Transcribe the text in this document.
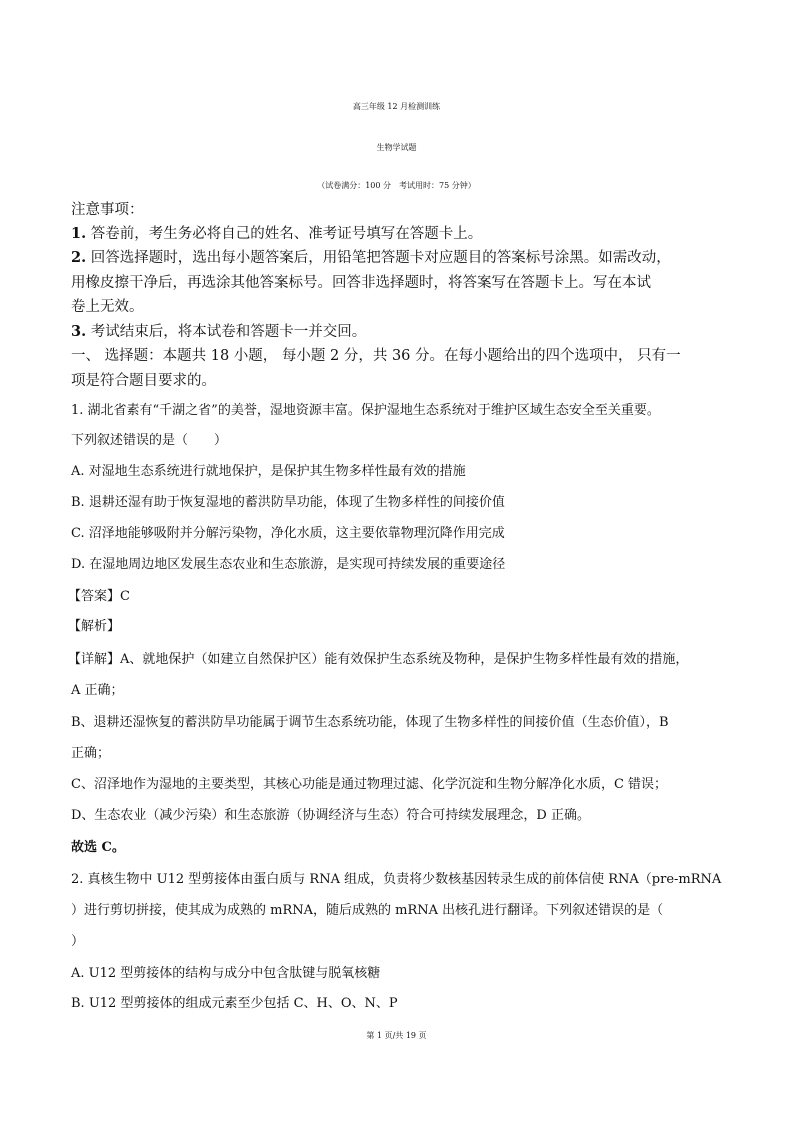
高三年级 12 月检测训练
生物学试题
（试卷满分：100 分　考试用时：75 分钟）
注意事项：
1. 答卷前，考生务必将自己的姓名、准考证号填写在答题卡上。
2. 回答选择题时，选出每小题答案后，用铅笔把答题卡对应题目的答案标号涂黑。如需改动，
用橡皮擦干净后，再选涂其他答案标号。回答非选择题时，将答案写在答题卡上。写在本试
卷上无效。
3. 考试结束后，将本试卷和答题卡一并交回。
一、 选择题：本题共 18 小题， 每小题 2 分，共 36 分。在每小题给出的四个选项中， 只有一
项是符合题目要求的。
1. 湖北省素有“千湖之省”的美誉，湿地资源丰富。保护湿地生态系统对于维护区域生态安全至关重要。
下列叙述错误的是（　　）
A. 对湿地生态系统进行就地保护，是保护其生物多样性最有效的措施
B. 退耕还湿有助于恢复湿地的蓄洪防旱功能，体现了生物多样性的间接价值
C. 沼泽地能够吸附并分解污染物，净化水质，这主要依靠物理沉降作用完成
D. 在湿地周边地区发展生态农业和生态旅游，是实现可持续发展的重要途径
【答案】C
【解析】
【详解】A、就地保护（如建立自然保护区）能有效保护生态系统及物种，是保护生物多样性最有效的措施，
A 正确；
B、退耕还湿恢复的蓄洪防旱功能属于调节生态系统功能，体现了生物多样性的间接价值（生态价值），B
正确；
C、沼泽地作为湿地的主要类型，其核心功能是通过物理过滤、化学沉淀和生物分解净化水质，C 错误；
D、生态农业（减少污染）和生态旅游（协调经济与生态）符合可持续发展理念，D 正确。
故选 C。
2. 真核生物中 U12 型剪接体由蛋白质与 RNA 组成，负责将少数核基因转录生成的前体信使 RNA（pre-mRNA
）进行剪切拼接，使其成为成熟的 mRNA，随后成熟的 mRNA 出核孔进行翻译。下列叙述错误的是（
）
A. U12 型剪接体的结构与成分中包含肽键与脱氧核糖
B. U12 型剪接体的组成元素至少包括 C、H、O、N、P
第 1 页/共 19 页
